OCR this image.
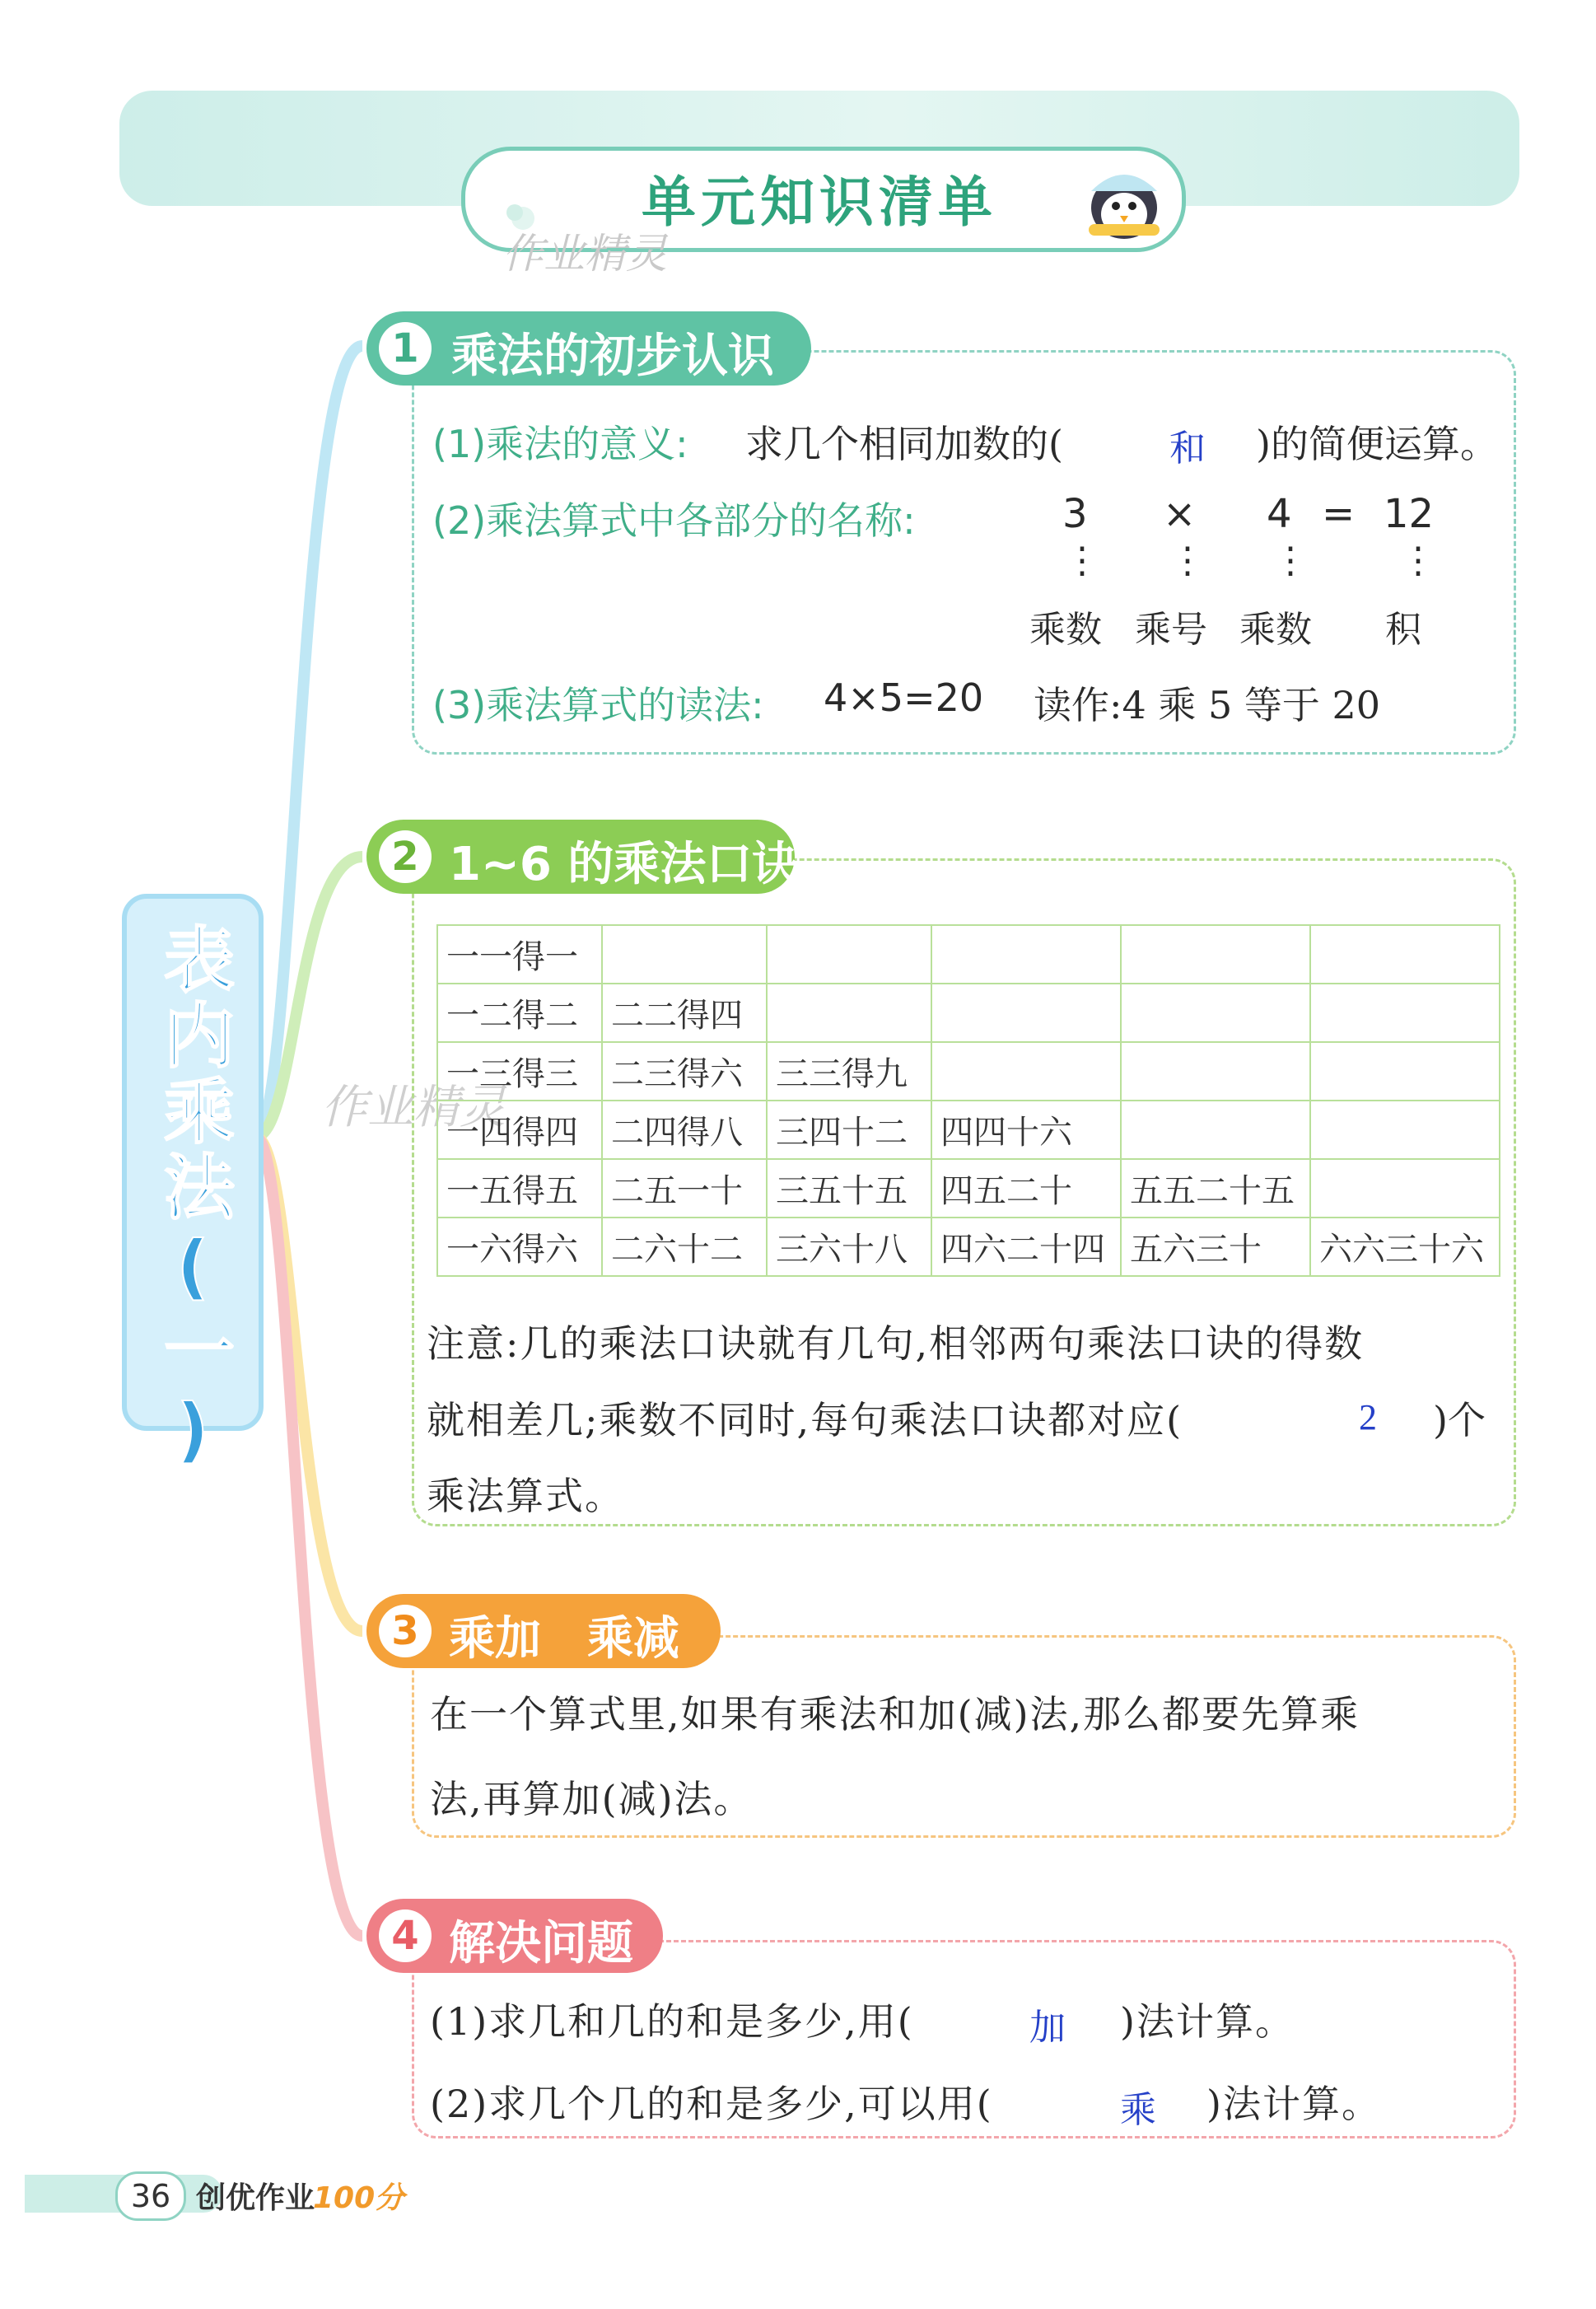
单元知识清单
作业精灵
表内乘法(一)
1 乘法的初步认识
(1)乘法的意义: 求几个相同加数的(	和 )的简便运算。
(2)乘法算式中各部分的名称:	3 × 4 = 12
⋮ ⋮ ⋮	⋮
乘数 乘号 乘数 积
(3)乘法算式的读法: 4×5=20 读作:4 乘 5 等于 20
作业精灵
2 1~6 的乘法口诀
一一得一					
一二得二	二二得四				
一三得三	二三得六	三三得九			
一四得四	二四得八	三四十二	四四十六		
一五得五	二五一十	三五十五	四五二十	五五二十五	
一六得六	二六十二	三六十八	四六二十四	五六三十	六六三十六
注意:几的乘法口诀就有几句,相邻两句乘法口诀的得数
就相差几;乘数不同时,每句乘法口诀都对应(	2 )个
乘法算式。
3 乘加　乘减
在一个算式里,如果有乘法和加(减)法,那么都要先算乘
法,再算加(减)法。
4 解决问题
(1)求几和几的和是多少,用(	加 )法计算。
(2)求几个几的和是多少,可以用(	乘 )法计算。
36 创优作业
100分
